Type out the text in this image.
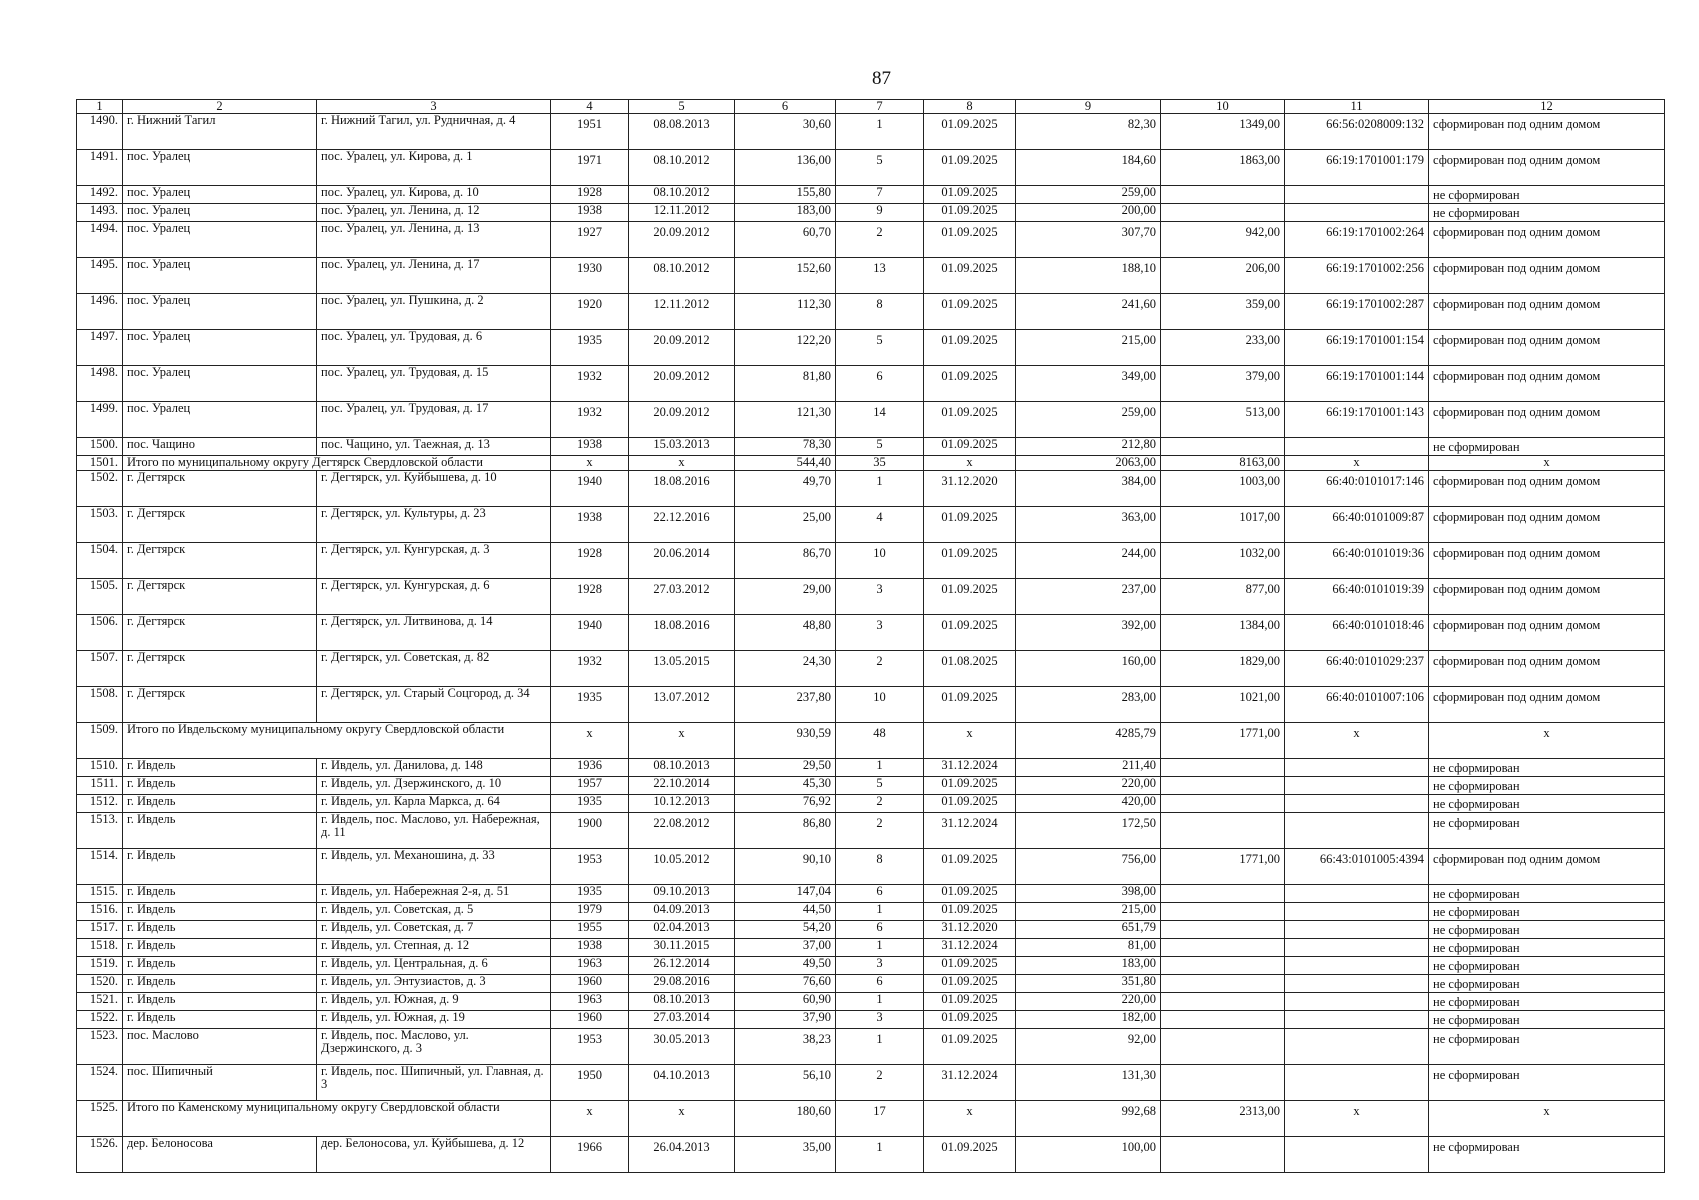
87
1	2	3	4	5	6	7	8	9	10	11	12
1490.	г. Нижний Тагил	г. Нижний Тагил, ул. Рудничная, д. 4	1951	08.08.2013	30,60	1	01.09.2025	82,30	1349,00	66:56:0208009:132	сформирован под одним домом
1491.	пос. Уралец	пос. Уралец, ул. Кирова, д. 1	1971	08.10.2012	136,00	5	01.09.2025	184,60	1863,00	66:19:1701001:179	сформирован под одним домом
1492.	пос. Уралец	пос. Уралец, ул. Кирова, д. 10	1928	08.10.2012	155,80	7	01.09.2025	259,00			не сформирован
1493.	пос. Уралец	пос. Уралец, ул. Ленина, д. 12	1938	12.11.2012	183,00	9	01.09.2025	200,00			не сформирован
1494.	пос. Уралец	пос. Уралец, ул. Ленина, д. 13	1927	20.09.2012	60,70	2	01.09.2025	307,70	942,00	66:19:1701002:264	сформирован под одним домом
1495.	пос. Уралец	пос. Уралец, ул. Ленина, д. 17	1930	08.10.2012	152,60	13	01.09.2025	188,10	206,00	66:19:1701002:256	сформирован под одним домом
1496.	пос. Уралец	пос. Уралец, ул. Пушкина, д. 2	1920	12.11.2012	112,30	8	01.09.2025	241,60	359,00	66:19:1701002:287	сформирован под одним домом
1497.	пос. Уралец	пос. Уралец, ул. Трудовая, д. 6	1935	20.09.2012	122,20	5	01.09.2025	215,00	233,00	66:19:1701001:154	сформирован под одним домом
1498.	пос. Уралец	пос. Уралец, ул. Трудовая, д. 15	1932	20.09.2012	81,80	6	01.09.2025	349,00	379,00	66:19:1701001:144	сформирован под одним домом
1499.	пос. Уралец	пос. Уралец, ул. Трудовая, д. 17	1932	20.09.2012	121,30	14	01.09.2025	259,00	513,00	66:19:1701001:143	сформирован под одним домом
1500.	пос. Чащино	пос. Чащино, ул. Таежная, д. 13	1938	15.03.2013	78,30	5	01.09.2025	212,80			не сформирован
1501.	Итого по муниципальному округу Дегтярск Свердловской области		x	x	544,40	35	x	2063,00	8163,00	x	x
1502.	г. Дегтярск	г. Дегтярск, ул. Куйбышева, д. 10	1940	18.08.2016	49,70	1	31.12.2020	384,00	1003,00	66:40:0101017:146	сформирован под одним домом
1503.	г. Дегтярск	г. Дегтярск, ул. Культуры, д. 23	1938	22.12.2016	25,00	4	01.09.2025	363,00	1017,00	66:40:0101009:87	сформирован под одним домом
1504.	г. Дегтярск	г. Дегтярск, ул. Кунгурская, д. 3	1928	20.06.2014	86,70	10	01.09.2025	244,00	1032,00	66:40:0101019:36	сформирован под одним домом
1505.	г. Дегтярск	г. Дегтярск, ул. Кунгурская, д. 6	1928	27.03.2012	29,00	3	01.09.2025	237,00	877,00	66:40:0101019:39	сформирован под одним домом
1506.	г. Дегтярск	г. Дегтярск, ул. Литвинова, д. 14	1940	18.08.2016	48,80	3	01.09.2025	392,00	1384,00	66:40:0101018:46	сформирован под одним домом
1507.	г. Дегтярск	г. Дегтярск, ул. Советская, д. 82	1932	13.05.2015	24,30	2	01.08.2025	160,00	1829,00	66:40:0101029:237	сформирован под одним домом
1508.	г. Дегтярск	г. Дегтярск, ул. Старый Соцгород, д. 34	1935	13.07.2012	237,80	10	01.09.2025	283,00	1021,00	66:40:0101007:106	сформирован под одним домом
1509.	Итого по Ивдельскому муниципальному округу Свердловской области		x	x	930,59	48	x	4285,79	1771,00	x	x
1510.	г. Ивдель	г. Ивдель, ул. Данилова, д. 148	1936	08.10.2013	29,50	1	31.12.2024	211,40			не сформирован
1511.	г. Ивдель	г. Ивдель, ул. Дзержинского, д. 10	1957	22.10.2014	45,30	5	01.09.2025	220,00			не сформирован
1512.	г. Ивдель	г. Ивдель, ул. Карла Маркса, д. 64	1935	10.12.2013	76,92	2	01.09.2025	420,00			не сформирован
1513.	г. Ивдель	г. Ивдель, пос. Маслово, ул. Набережная, д. 11	1900	22.08.2012	86,80	2	31.12.2024	172,50			не сформирован
1514.	г. Ивдель	г. Ивдель, ул. Механошина, д. 33	1953	10.05.2012	90,10	8	01.09.2025	756,00	1771,00	66:43:0101005:4394	сформирован под одним домом
1515.	г. Ивдель	г. Ивдель, ул. Набережная 2-я, д. 51	1935	09.10.2013	147,04	6	01.09.2025	398,00			не сформирован
1516.	г. Ивдель	г. Ивдель, ул. Советская, д. 5	1979	04.09.2013	44,50	1	01.09.2025	215,00			не сформирован
1517.	г. Ивдель	г. Ивдель, ул. Советская, д. 7	1955	02.04.2013	54,20	6	31.12.2020	651,79			не сформирован
1518.	г. Ивдель	г. Ивдель, ул. Степная, д. 12	1938	30.11.2015	37,00	1	31.12.2024	81,00			не сформирован
1519.	г. Ивдель	г. Ивдель, ул. Центральная, д. 6	1963	26.12.2014	49,50	3	01.09.2025	183,00			не сформирован
1520.	г. Ивдель	г. Ивдель, ул. Энтузиастов, д. 3	1960	29.08.2016	76,60	6	01.09.2025	351,80			не сформирован
1521.	г. Ивдель	г. Ивдель, ул. Южная, д. 9	1963	08.10.2013	60,90	1	01.09.2025	220,00			не сформирован
1522.	г. Ивдель	г. Ивдель, ул. Южная, д. 19	1960	27.03.2014	37,90	3	01.09.2025	182,00			не сформирован
1523.	пос. Маслово	г. Ивдель, пос. Маслово, ул. Дзержинского, д. 3	1953	30.05.2013	38,23	1	01.09.2025	92,00			не сформирован
1524.	пос. Шипичный	г. Ивдель, пос. Шипичный, ул. Главная, д. 3	1950	04.10.2013	56,10	2	31.12.2024	131,30			не сформирован
1525.	Итого по Каменскому муниципальному округу Свердловской области		x	x	180,60	17	x	992,68	2313,00	x	x
1526.	дер. Белоносова	дер. Белоносова, ул. Куйбышева, д. 12	1966	26.04.2013	35,00	1	01.09.2025	100,00			не сформирован
